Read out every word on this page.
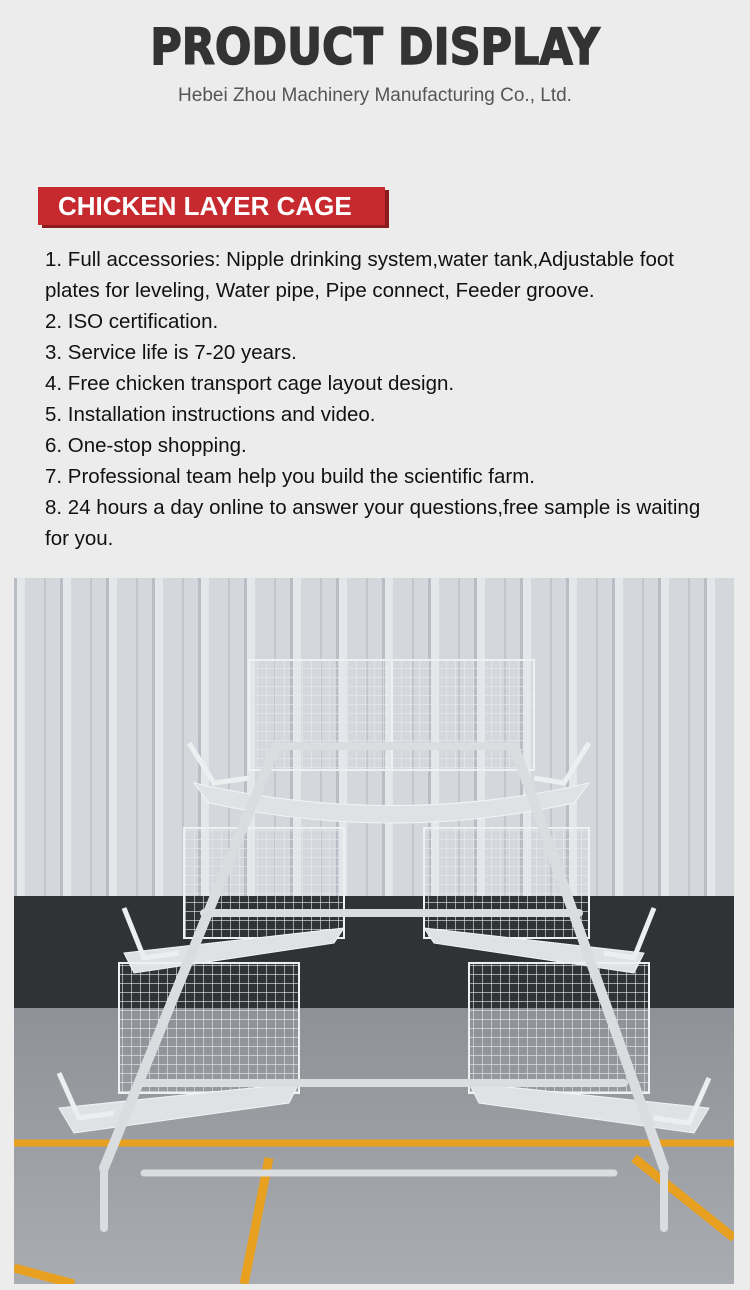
PRODUCT DISPLAY
Hebei Zhou Machinery Manufacturing Co., Ltd.
CHICKEN LAYER CAGE
1. Full accessories: Nipple drinking system,water tank,Adjustable foot plates for leveling, Water pipe, Pipe connect, Feeder groove.
2. ISO certification.
3. Service life is 7-20 years.
4. Free chicken transport cage layout design.
5. Installation instructions and video.
6. One-stop shopping.
7. Professional team help you build the scientific farm.
8. 24 hours a day online to answer your questions,free sample is waiting for you.
